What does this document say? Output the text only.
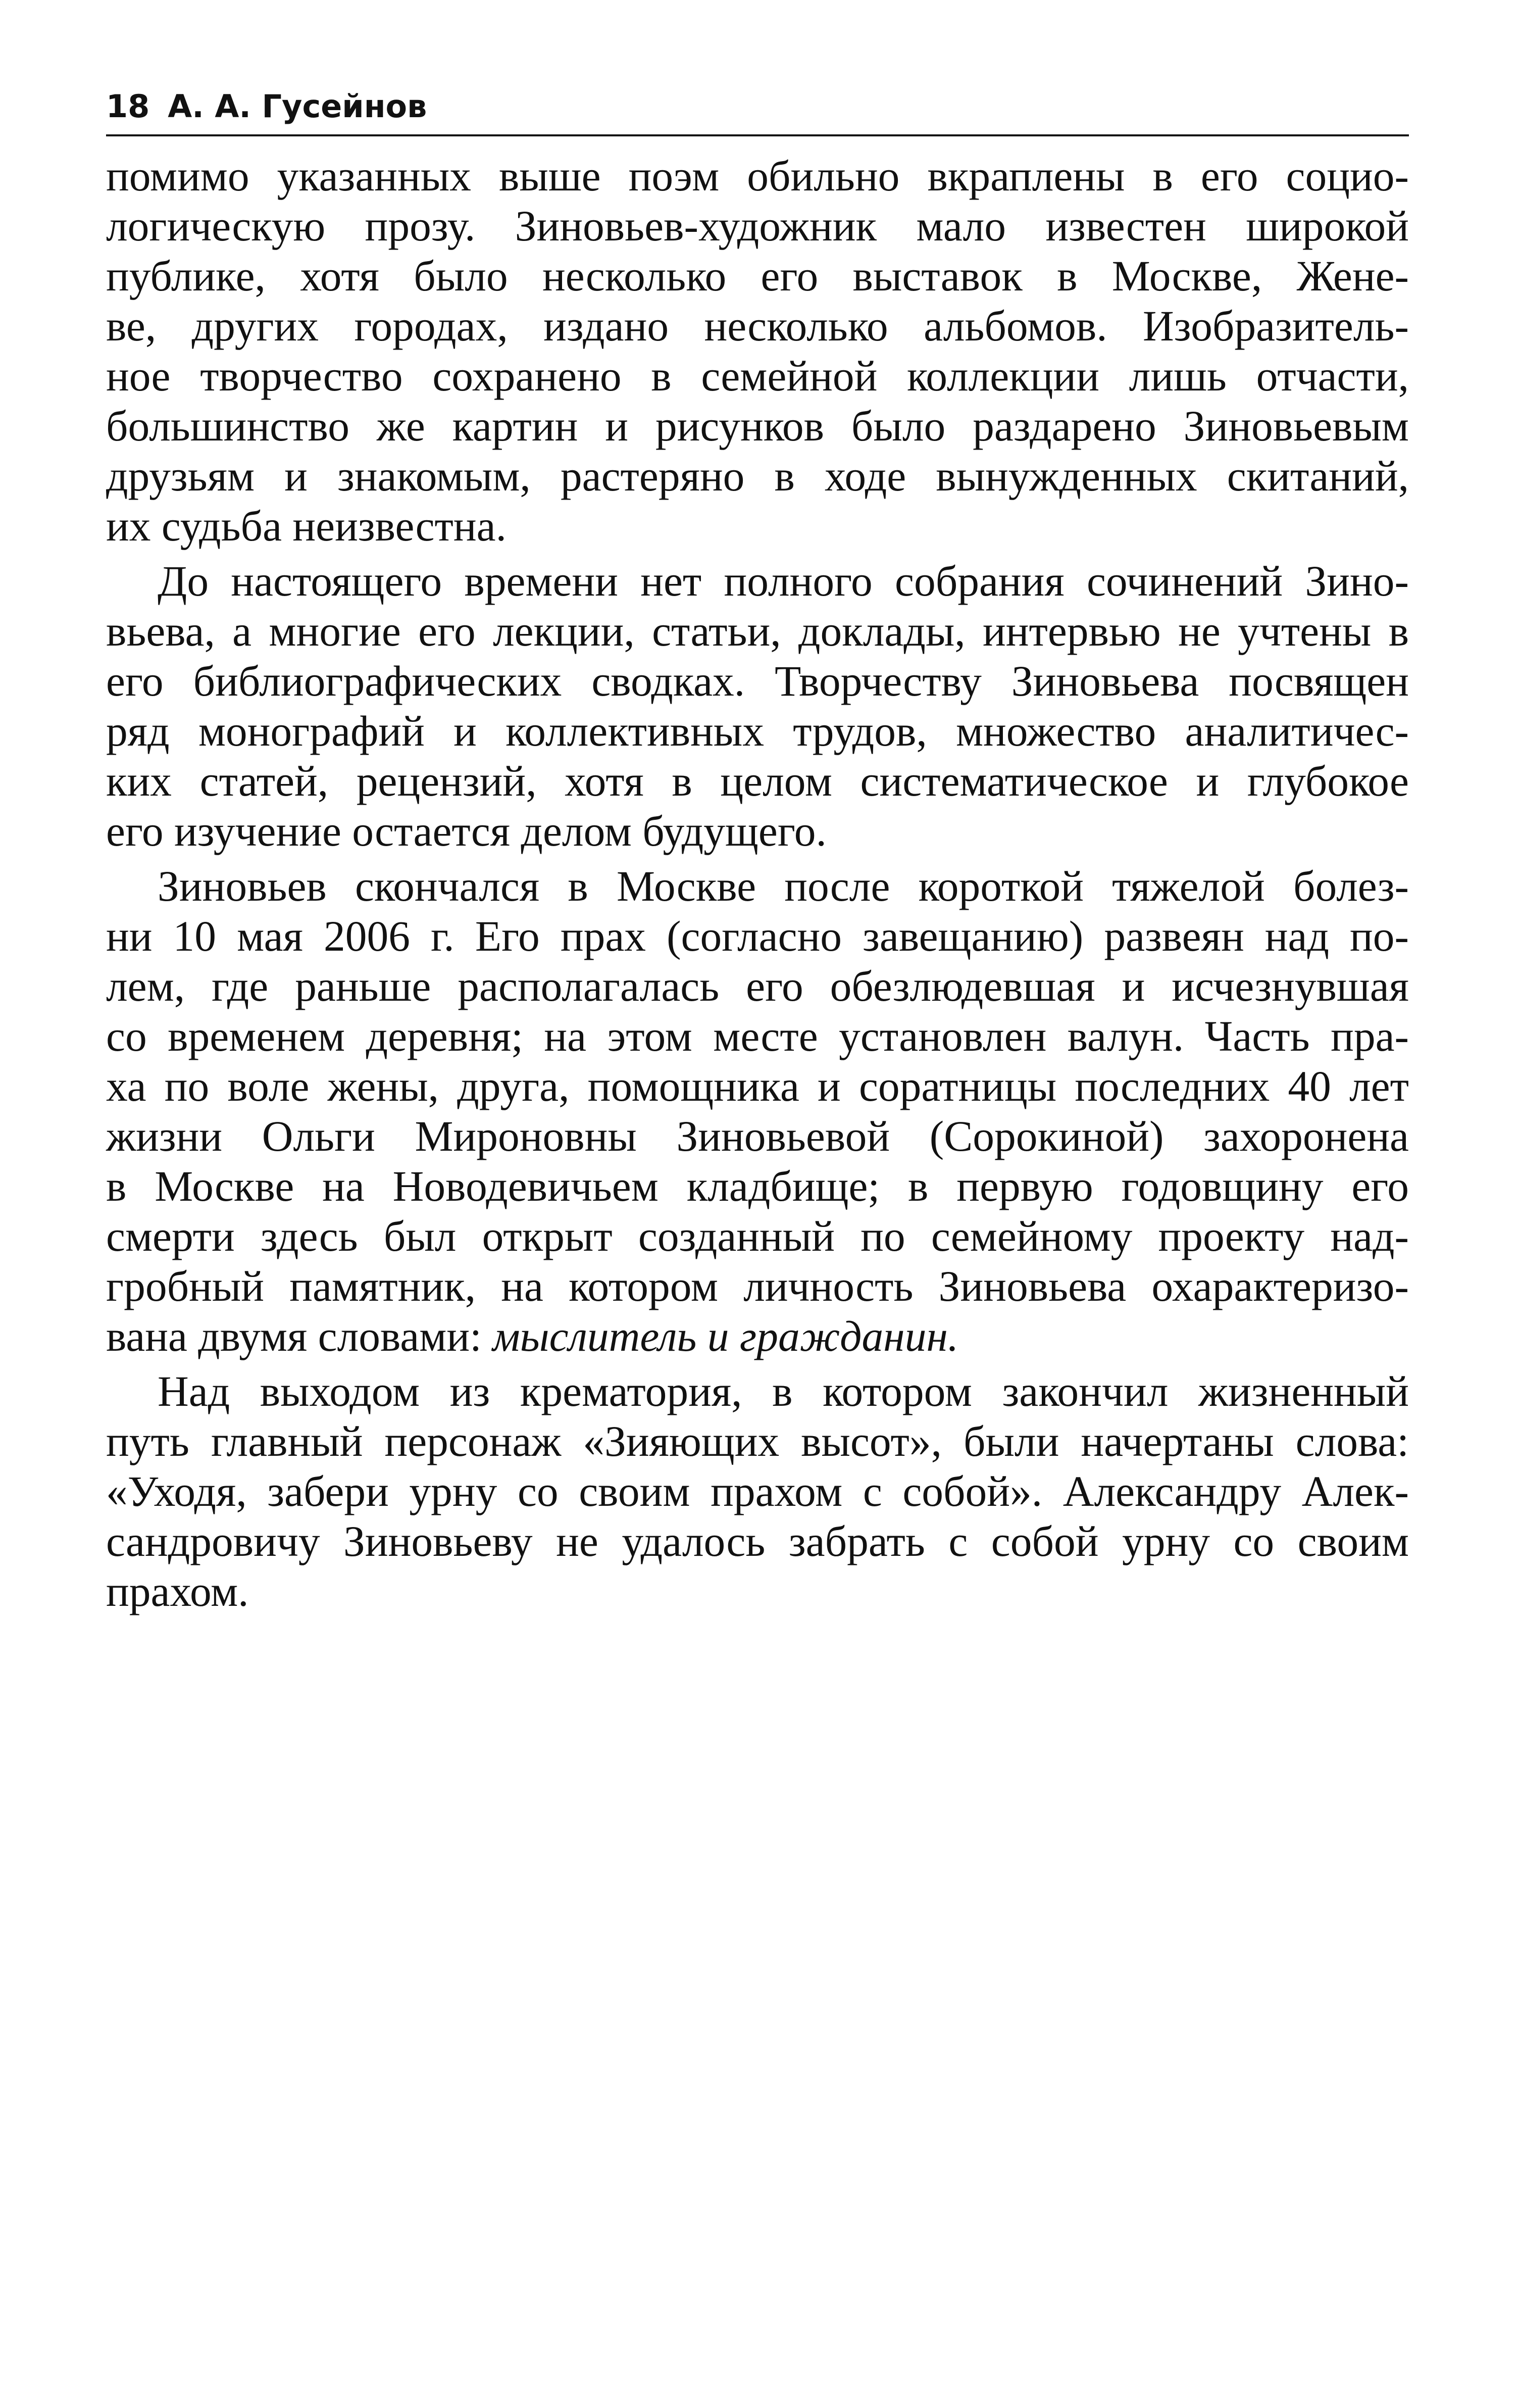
18 А. А. Гусейнов
помимо указанных выше поэм обильно вкраплены в его социо-
логическую прозу. Зиновьев-художник мало известен широкой
публике, хотя было несколько его выставок в Москве, Жене-
ве, других городах, издано несколько альбомов. Изобразитель-
ное творчество сохранено в семейной коллекции лишь отчасти,
большинство же картин и рисунков было раздарено Зиновьевым
друзьям и знакомым, растеряно в ходе вынужденных скитаний,
их судьба неизвестна.
До настоящего времени нет полного собрания сочинений Зино-
вьева, а многие его лекции, статьи, доклады, интервью не учтены в
его библиографических сводках. Творчеству Зиновьева посвящен
ряд монографий и коллективных трудов, множество аналитичес-
ких статей, рецензий, хотя в целом систематическое и глубокое
его изучение остается делом будущего.
Зиновьев скончался в Москве после короткой тяжелой болез-
ни 10 мая 2006 г. Его прах (согласно завещанию) развеян над по-
лем, где раньше располагалась его обезлюдевшая и исчезнувшая
со временем деревня; на этом месте установлен валун. Часть пра-
ха по воле жены, друга, помощника и соратницы последних 40 лет
жизни Ольги Мироновны Зиновьевой (Сорокиной) захоронена
в Москве на Новодевичьем кладбище; в первую годовщину его
смерти здесь был открыт созданный по семейному проекту над-
гробный памятник, на котором личность Зиновьева охарактеризо-
вана двумя словами: мыслитель и гражданин.
Над выходом из крематория, в котором закончил жизненный
путь главный персонаж «Зияющих высот», были начертаны слова:
«Уходя, забери урну со своим прахом с собой». Александру Алек-
сандровичу Зиновьеву не удалось забрать с собой урну со своим
прахом.
